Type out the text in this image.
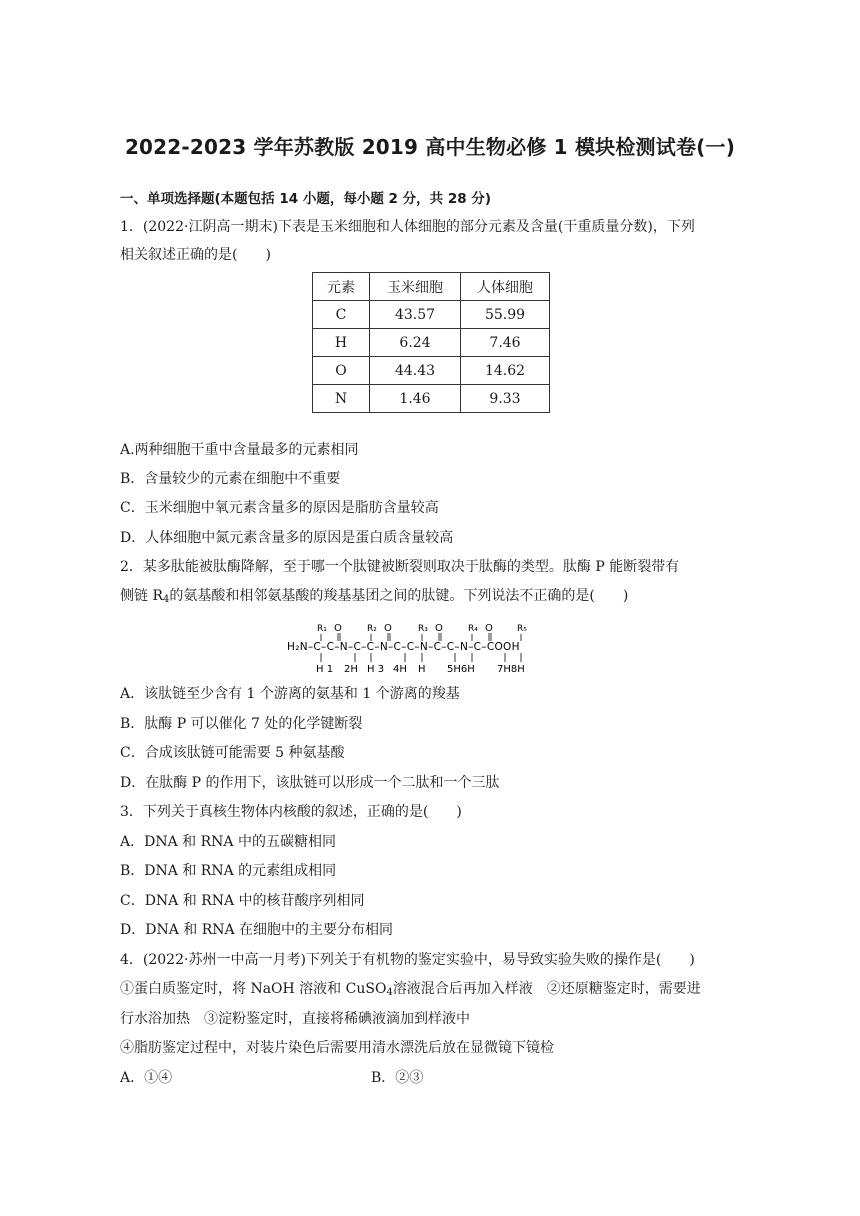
2022-2023 学年苏教版 2019 高中生物必修 1 模块检测试卷(一)
一、单项选择题(本题包括 14 小题，每小题 2 分，共 28 分)
1．(2022·江阴高一期末)下表是玉米细胞和人体细胞的部分元素及含量(干重质量分数)，下列
相关叙述正确的是(　　)
元素	玉米细胞	人体细胞
C	43.57	55.99
H	6.24	7.46
O	44.43	14.62
N	1.46	9.33
A.两种细胞干重中含量最多的元素相同
B．含量较少的元素在细胞中不重要
C．玉米细胞中氧元素含量多的原因是脂肪含量较高
D．人体细胞中氮元素含量多的原因是蛋白质含量较高
2．某多肽能被肽酶降解，至于哪一个肽键被断裂则取决于肽酶的类型。肽酶 P 能断裂带有
侧链 $R_4$的氨基酸和相邻氨基酸的羧基基团之间的肽键。下列说法不正确的是(　　)
R₁	R₂	R₃	R₄	R₅
O	O	O	O
H₂N–C–C–N–C–C–N–C–C–N–C–C–N–C–COOH
H 1 2H H 3 4H H 5H6H 7H8H
A．该肽链至少含有 1 个游离的氨基和 1 个游离的羧基
B．肽酶 P 可以催化 7 处的化学键断裂
C．合成该肽链可能需要 5 种氨基酸
D．在肽酶 P 的作用下，该肽链可以形成一个二肽和一个三肽
3．下列关于真核生物体内核酸的叙述，正确的是(　　)
A．DNA 和 RNA 中的五碳糖相同
B．DNA 和 RNA 的元素组成相同
C．DNA 和 RNA 中的核苷酸序列相同
D．DNA 和 RNA 在细胞中的主要分布相同
4．(2022·苏州一中高一月考)下列关于有机物的鉴定实验中，易导致实验失败的操作是(　　)
①蛋白质鉴定时，将 NaOH 溶液和 CuSO$_4$溶液混合后再加入样液　②还原糖鉴定时，需要进
行水浴加热　③淀粉鉴定时，直接将稀碘液滴加到样液中
④脂肪鉴定过程中，对装片染色后需要用清水漂洗后放在显微镜下镜检
A．①④	B．②③
